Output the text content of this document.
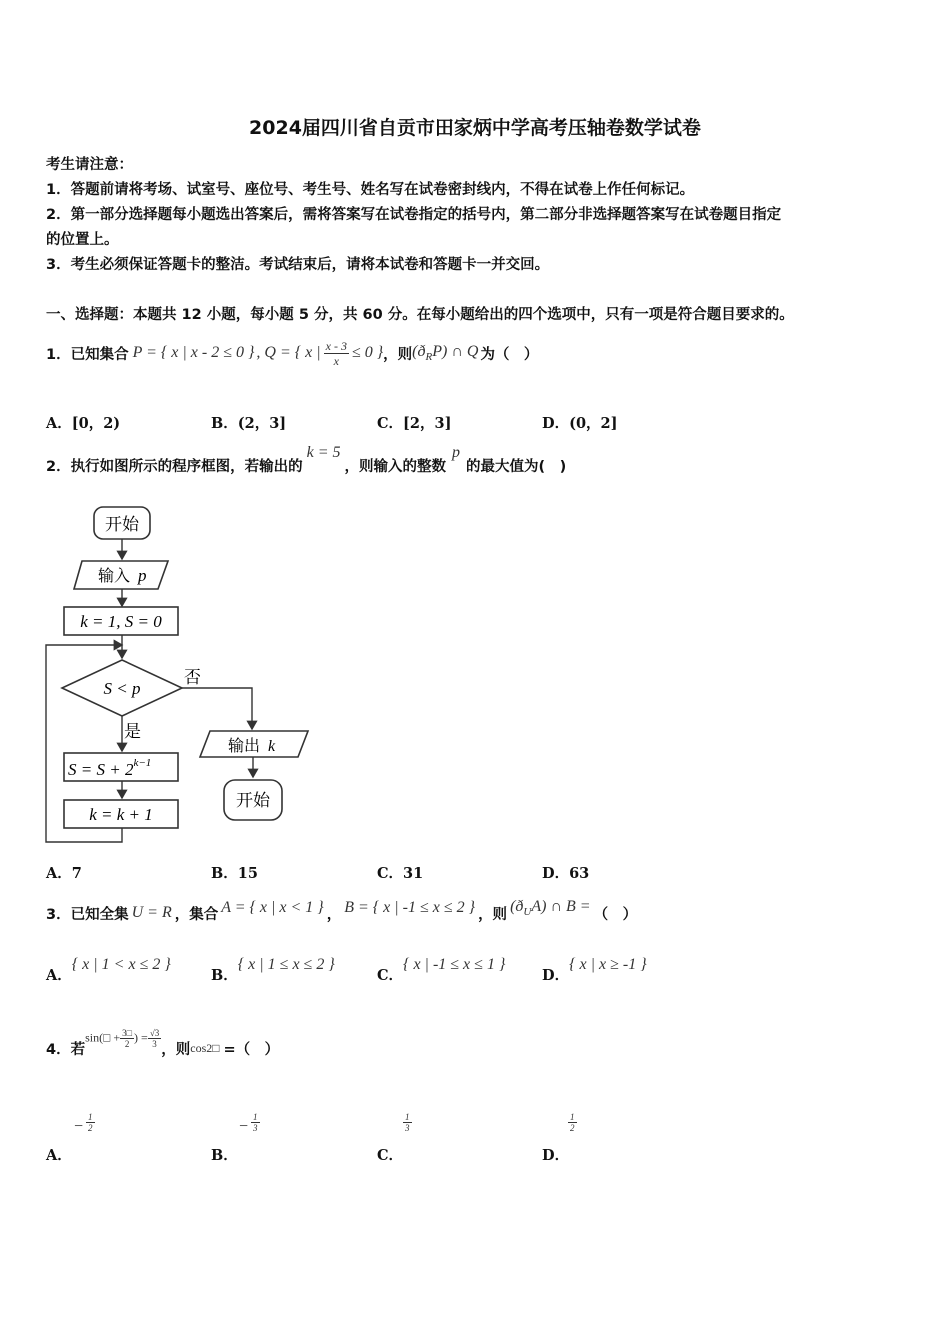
2024届四川省自贡市田家炳中学高考压轴卷数学试卷
考生请注意：
1．答题前请将考场、试室号、座位号、考生号、姓名写在试卷密封线内，不得在试卷上作任何标记。
2．第一部分选择题每小题选出答案后，需将答案写在试卷指定的括号内，第二部分非选择题答案写在试卷题目指定
的位置上。
3．考生必须保证答题卡的整洁。考试结束后，请将本试卷和答题卡一并交回。
一、选择题：本题共 12 小题，每小题 5 分，共 60 分。在每小题给出的四个选项中，只有一项是符合题目要求的。
1．已知集合 P = { x | x - 2 ≤ 0 } , Q = { x | $\frac{x - 3}{x} \le 0$ } ，则 $(ð_RP)$ ∩ Q 为（　）
A．[0，2)	B．(2，3]	C．[2，3]	D．(0，2]
2．执行如图所示的程序框图，若输出的
k = 5
，则输入的整数
p
的最大值为(　)
开始
输入 p
k = 1, S = 0
S < p
否
输出 k
开始
是
$S = S + 2^{k-1}$
k = k + 1
A．7	B．15	C．31	D．63
3．已知全集 U = R ，集合 A = { x | x < 1 } ， B = { x | -1 ≤ x ≤ 2 } ，则 $(ð_UA)$ ∩ B = （　）
A．
{ x | 1 < x ≤ 2 }
B．
{ x | 1 ≤ x ≤ 2 }
C．
{ x | -1 ≤ x ≤ 1 }
D．
{ x | x ≥ -1 }
4．若
sin(□ + $\frac{3□}{2}$ ) = $\frac{√3}{3}$
，则 cos2□ =（　）
− $\frac{1}{2}$
A．
− $\frac{1}{3}$
B．
$\frac{1}{3}$
C．
$\frac{1}{2}$
D．
